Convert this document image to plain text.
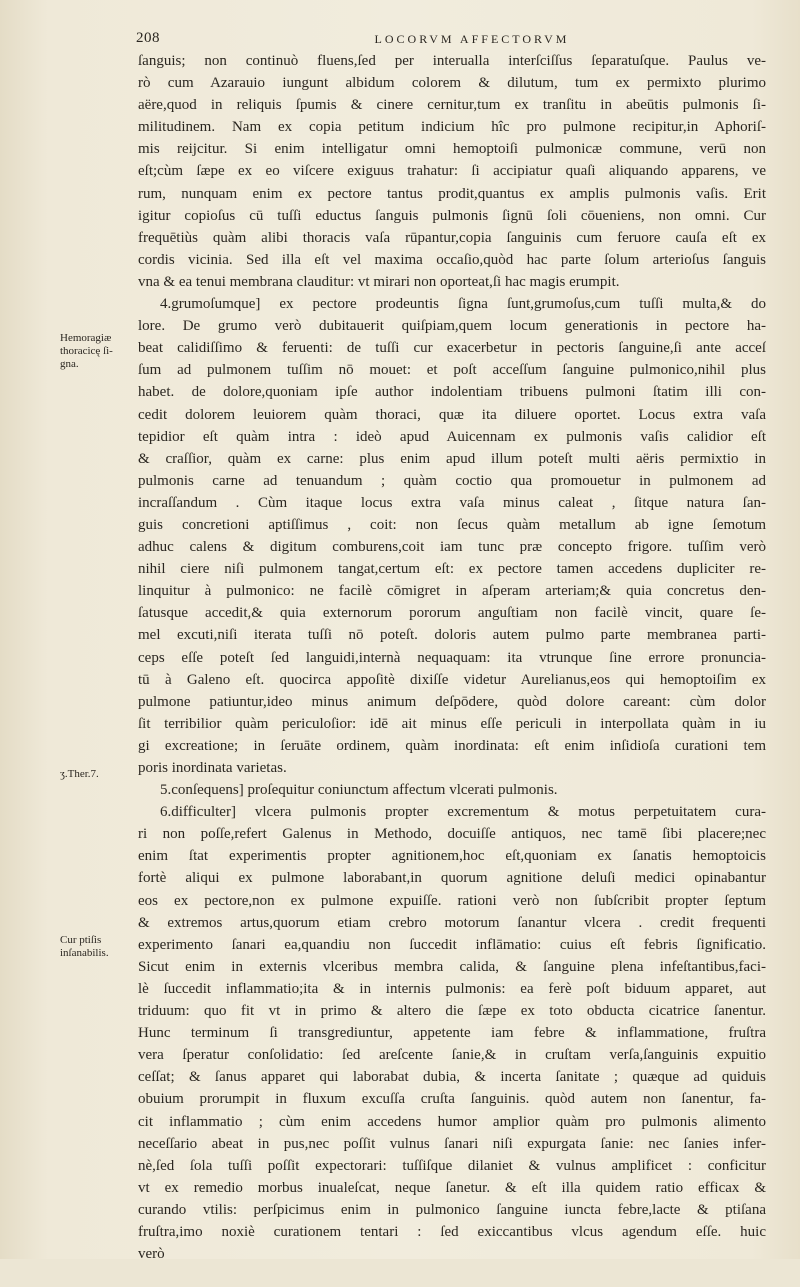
208	LOCORVM AFFECTORVM
Hemoragiæ
thoracicę ſi-
gna.
ʒ.Ther.7.
Cur ptiſis
inſanabilis.
ſanguis; non continuò fluens,ſed per interualla interſciſſus ſeparatuſque. Paulus ve-
rò cum Azarauio iungunt albidum colorem & dilutum, tum ex permixto plurimo
aëre,quod in reliquis ſpumis & cinere cernitur,tum ex tranſitu in abeūtis pulmonis ſi-
militudinem. Nam ex copia petitum indicium hîc pro pulmone recipitur,in Aphoriſ-
mis reijcitur. Si enim intelligatur omni hemoptoiſi pulmonicæ commune, verū non
eſt;cùm ſæpe ex eo viſcere exiguus trahatur: ſi accipiatur quaſi aliquando apparens, ve
rum, nunquam enim ex pectore tantus prodit,quantus ex amplis pulmonis vaſis. Erit
igitur copioſus cū tuſſi eductus ſanguis pulmonis ſignū ſoli cōueniens, non omni. Cur
frequētiùs quàm alibi thoracis vaſa rūpantur,copia ſanguinis cum feruore cauſa eſt ex
cordis vicinia. Sed illa eſt vel maxima occaſio,quòd hac parte ſolum arterioſus ſanguis
vna & ea tenui membrana clauditur: vt mirari non oporteat,ſi hac magis erumpit.
4.grumoſumque] ex pectore prodeuntis ſigna ſunt,grumoſus,cum tuſſi multa,& do
lore. De grumo verò dubitauerit quiſpiam,quem locum generationis in pectore ha-
beat calidiſſimo & feruenti: de tuſſi cur exacerbetur in pectoris ſanguine,ſi ante acceſ
ſum ad pulmonem tuſſim nō mouet: et poſt acceſſum ſanguine pulmonico,nihil plus
habet. de dolore,quoniam ipſe author indolentiam tribuens pulmoni ſtatim illi con-
cedit dolorem leuiorem quàm thoraci, quæ ita diluere oportet. Locus extra vaſa
tepidior eſt quàm intra : ideò apud Auicennam ex pulmonis vaſis calidior eſt
& craſſior, quàm ex carne: plus enim apud illum poteſt multi aëris permixtio in
pulmonis carne ad tenuandum ; quàm coctio qua promouetur in pulmonem ad
incraſſandum . Cùm itaque locus extra vaſa minus caleat , ſitque natura ſan-
guis concretioni aptiſſimus , coit: non ſecus quàm metallum ab igne ſemotum
adhuc calens & digitum comburens,coit iam tunc præ concepto frigore. tuſſim verò
nihil ciere niſi pulmonem tangat,certum eſt: ex pectore tamen accedens dupliciter re-
linquitur à pulmonico: ne facilè cōmigret in aſperam arteriam;& quia concretus den-
ſatusque accedit,& quia externorum pororum anguſtiam non facilè vincit, quare ſe-
mel excuti,niſi iterata tuſſi nō poteſt. doloris autem pulmo parte membranea parti-
ceps eſſe poteſt ſed languidi,internà nequaquam: ita vtrunque ſine errore pronuncia-
tū à Galeno eſt. quocirca appoſitè dixiſſe videtur Aurelianus,eos qui hemoptoiſim ex
pulmone patiuntur,ideo minus animum deſpōdere, quòd dolore careant: cùm dolor
ſit terribilior quàm periculoſior: idē ait minus eſſe periculi in interpollata quàm in iu
gi excreatione; in ſeruāte ordinem, quàm inordinata: eſt enim inſidioſa curationi tem
poris inordinata varietas.
5.conſequens] proſequitur coniunctum affectum vlcerati pulmonis.
6.difficulter] vlcera pulmonis propter excrementum & motus perpetuitatem cura-
ri non poſſe,refert Galenus in Methodo, docuiſſe antiquos, nec tamē ſibi placere;nec
enim ſtat experimentis propter agnitionem,hoc eſt,quoniam ex ſanatis hemoptoicis
fortè aliqui ex pulmone laborabant,in quorum agnitione deluſi medici opinabantur
eos ex pectore,non ex pulmone expuiſſe. rationi verò non ſubſcribit propter ſeptum
& extremos artus,quorum etiam crebro motorum ſanantur vlcera . credit frequenti
experimento ſanari ea,quandiu non ſuccedit inflāmatio: cuius eſt febris ſignificatio.
Sicut enim in externis vlceribus membra calida, & ſanguine plena infeſtantibus,faci-
lè ſuccedit inflammatio;ita & in internis pulmonis: ea ferè poſt biduum apparet, aut
triduum: quo fit vt in primo & altero die ſæpe ex toto obducta cicatrice ſanentur.
Hunc terminum ſi transgrediuntur, appetente iam febre & inflammatione, fruſtra
vera ſperatur conſolidatio: ſed areſcente ſanie,& in cruſtam verſa,ſanguinis expuitio
ceſſat; & ſanus apparet qui laborabat dubia, & incerta ſanitate ; quæque ad quiduis
obuium prorumpit in fluxum excuſſa cruſta ſanguinis. quòd autem non ſanentur, fa-
cit inflammatio ; cùm enim accedens humor amplior quàm pro pulmonis alimento
neceſſario abeat in pus,nec poſſit vulnus ſanari niſi expurgata ſanie: nec ſanies infer-
nè,ſed ſola tuſſi poſſit expectorari: tuſſiſque dilaniet & vulnus amplificet : conficitur
vt ex remedio morbus inualeſcat, neque ſanetur. & eſt illa quidem ratio efficax &
curando vtilis: perſpicimus enim in pulmonico ſanguine iuncta febre,lacte & ptiſana
fruſtra,imo noxiè curationem tentari : ſed exiccantibus vlcus agendum eſſe. huic
verò
